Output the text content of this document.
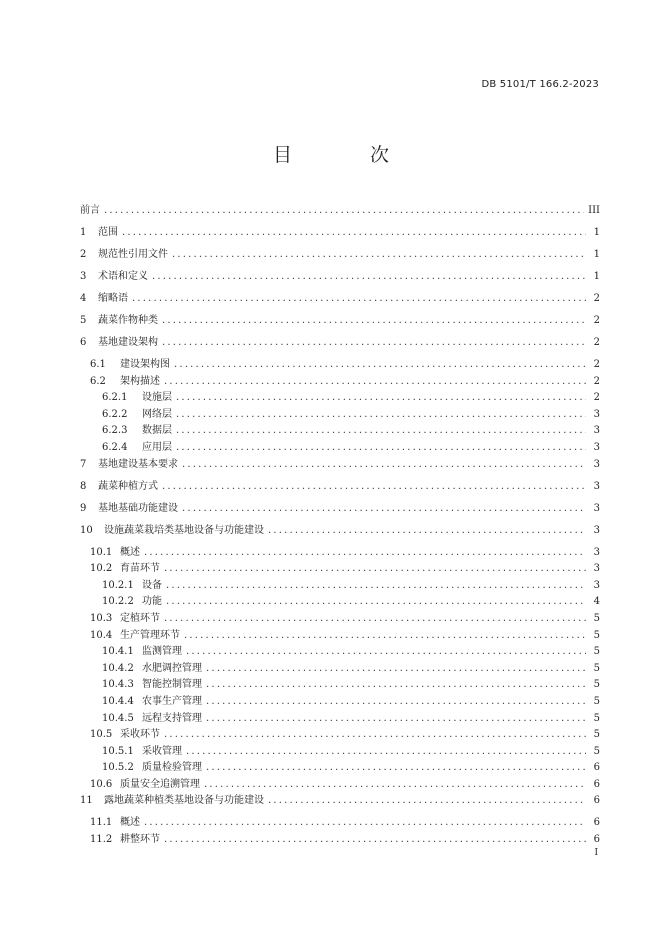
DB 5101/T 166.2-2023
目 次
前言 .....	III
1	范围 .....	1
2	规范性引用文件 .....	1
3	术语和定义 .....	1
4	缩略语 .....	2
5	蔬菜作物种类 .....	2
6	基地建设架构 .....	2
6.1	建设架构图 .....	2
6.2	架构描述 .....	2
6.2.1	设施层 .....	2
6.2.2	网络层 .....	3
6.2.3	数据层 .....	3
6.2.4	应用层 .....	3
7	基地建设基本要求 .....	3
8	蔬菜种植方式 .....	3
9	基地基础功能建设 .....	3
10	设施蔬菜栽培类基地设备与功能建设 .....	3
10.1 概述 .....	3
10.2 育苗环节 .....	3
10.2.1 设备 .....	3
10.2.2 功能 .....	4
10.3 定植环节 .....	5
10.4 生产管理环节 .....	5
10.4.1 监测管理 .....	5
10.4.2 水肥调控管理 .....	5
10.4.3 智能控制管理 .....	5
10.4.4 农事生产管理 .....	5
10.4.5 远程支持管理 .....	5
10.5 采收环节 .....	5
10.5.1 采收管理 .....	5
10.5.2 质量检验管理 .....	6
10.6 质量安全追溯管理 .....	6
11	露地蔬菜种植类基地设备与功能建设 .....	6
11.1 概述 .....	6
11.2 耕整环节 .....	6
I
